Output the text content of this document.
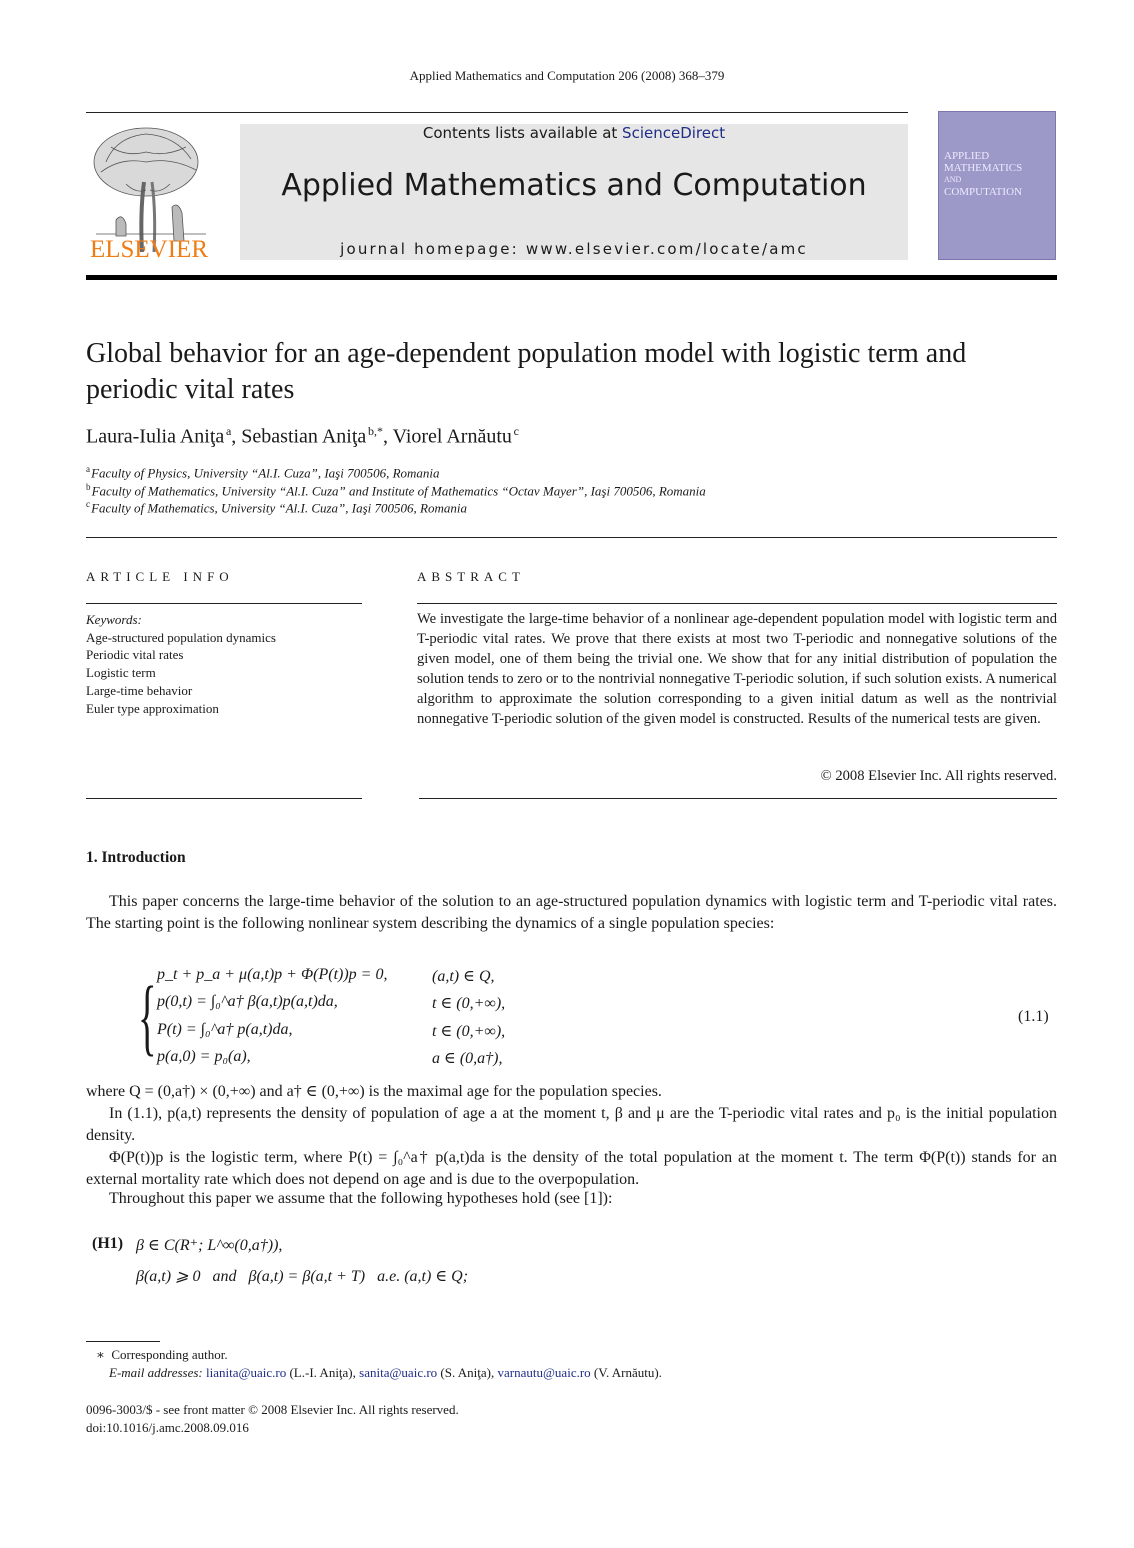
Applied Mathematics and Computation 206 (2008) 368–379
ELSEVIER
Contents lists available at ScienceDirect
Applied Mathematics and Computation
journal homepage: www.elsevier.com/locate/amc
APPLIED
MATHEMATICS
AND
COMPUTATION
Global behavior for an age-dependent population model with logistic term and periodic vital rates
Laura-Iulia Aniţa  $^a$, Sebastian Aniţa  $^{b,*}$, Viorel Arnăutu  $^c$
$^a$ Faculty of Physics, University “Al.I. Cuza”, Iaşi 700506, Romania
$^b$ Faculty of Mathematics, University “Al.I. Cuza” and Institute of Mathematics “Octav Mayer”, Iaşi 700506, Romania
$^c$ Faculty of Mathematics, University “Al.I. Cuza”, Iaşi 700506, Romania
ARTICLE INFO
Keywords:
Age-structured population dynamics
Periodic vital rates
Logistic term
Large-time behavior
Euler type approximation
ABSTRACT
We investigate the large-time behavior of a nonlinear age-dependent population model with logistic term and T-periodic vital rates. We prove that there exists at most two T-periodic and nonnegative solutions of the given model, one of them being the trivial one. We show that for any initial distribution of population the solution tends to zero or to the nontrivial nonnegative T-periodic solution, if such solution exists. A numerical algorithm to approximate the solution corresponding to a given initial datum as well as the nontrivial nonnegative T-periodic solution of the given model is constructed. Results of the numerical tests are given.
© 2008 Elsevier Inc. All rights reserved.
1. Introduction
This paper concerns the large-time behavior of the solution to an age-structured population dynamics with logistic term and T-periodic vital rates. The starting point is the following nonlinear system describing the dynamics of a single population species:
{ p_t + p_a + μ(a,t)p + Φ(P(t))p = 0,	(a,t) ∈ Q,
p(0,t) = ∫₀^a† β(a,t)p(a,t)da,	t ∈ (0,+∞),
P(t) = ∫₀^a† p(a,t)da,	t ∈ (0,+∞),
p(a,0) = p₀(a),	a ∈ (0,a†),
(1.1)
where Q = (0,a†) × (0,+∞) and a† ∈ (0,+∞) is the maximal age for the population species.
In (1.1), p(a,t) represents the density of population of age a at the moment t, β and μ are the T-periodic vital rates and p₀ is the initial population density.
Φ(P(t))p is the logistic term, where P(t) = ∫₀^a† p(a,t)da is the density of the total population at the moment t. The term Φ(P(t)) stands for an external mortality rate which does not depend on age and is due to the overpopulation.
Throughout this paper we assume that the following hypotheses hold (see [1]):
(H1) β ∈ C(R⁺; L^∞(0,a†)),
β(a,t) ⩾ 0   and   β(a,t) = β(a,t + T)   a.e. (a,t) ∈ Q;
∗  Corresponding author.
E-mail addresses: lianita@uaic.ro (L.-I. Aniţa), sanita@uaic.ro (S. Aniţa), varnautu@uaic.ro (V. Arnăutu).
0096-3003/$ - see front matter © 2008 Elsevier Inc. All rights reserved.
doi:10.1016/j.amc.2008.09.016
